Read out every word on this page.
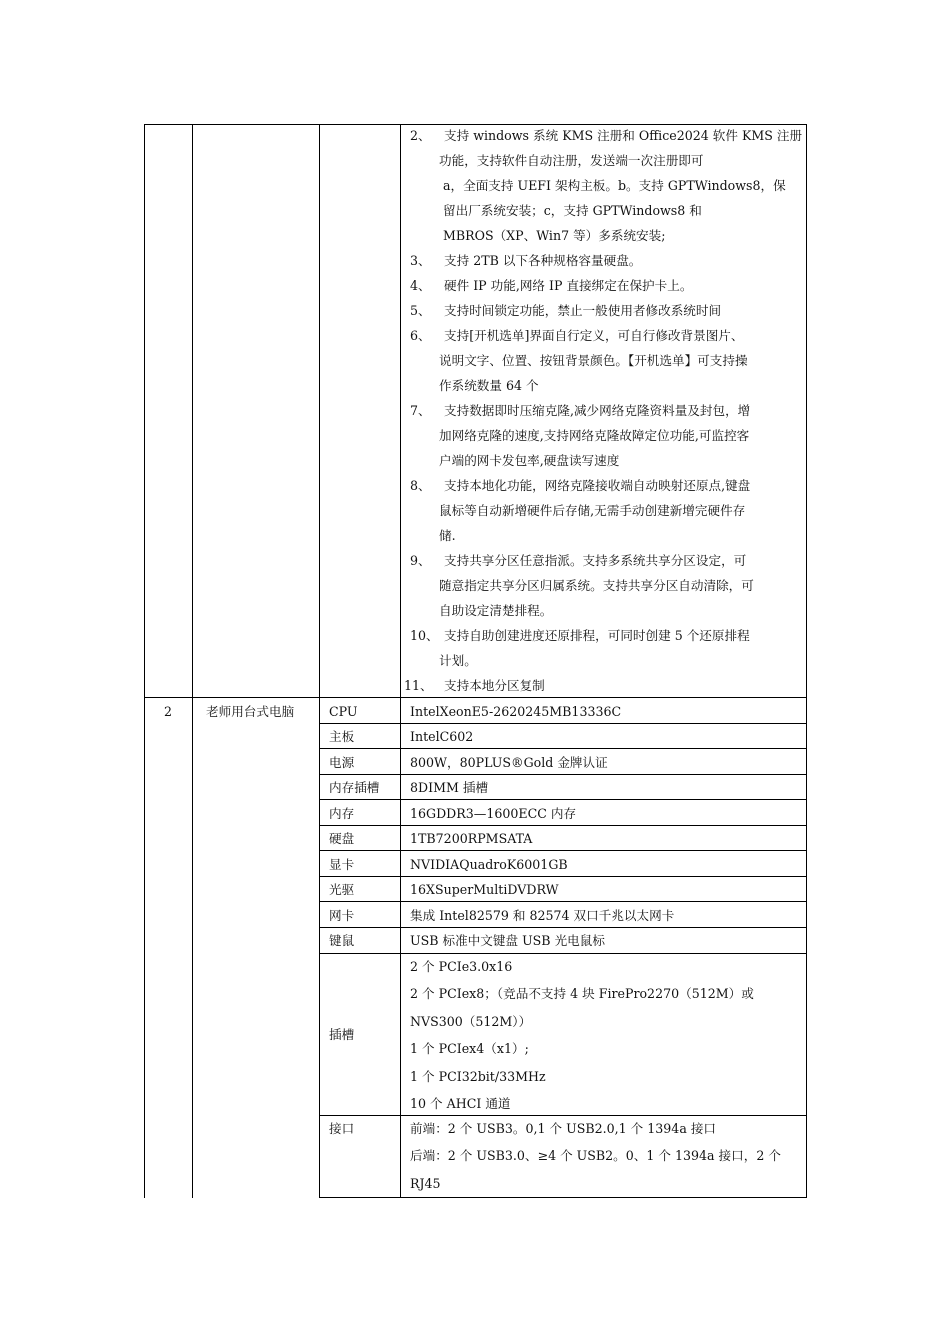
2、 支持 windows 系统 KMS 注册和 Office2024 软件 KMS 注册
功能，支持软件自动注册，发送端一次注册即可
a，全面支持 UEFI 架构主板。b。支持 GPTWindows8，保
留出厂系统安装；c，支持 GPTWindows8 和
MBROS（XP、Win7 等）多系统安装;
3、 支持 2TB 以下各种规格容量硬盘。
4、 硬件 IP 功能,网络 IP 直接绑定在保护卡上。
5、 支持时间锁定功能，禁止一般使用者修改系统时间
6、 支持[开机选单]界面自行定义，可自行修改背景图片、
说明文字、位置、按钮背景颜色。【开机选单】可支持操
作系统数量 64 个
7、 支持数据即时压缩克隆,减少网络克隆资料量及封包，增
加网络克隆的速度,支持网络克隆故障定位功能,可监控客
户端的网卡发包率,硬盘读写速度
8、 支持本地化功能，网络克隆接收端自动映射还原点,键盘
鼠标等自动新增硬件后存储,无需手动创建新增完硬件存
储.
9、 支持共享分区任意指派。支持多系统共享分区设定，可
随意指定共享分区归属系统。支持共享分区自动清除，可
自助设定清楚排程。
10、 支持自助创建进度还原排程，可同时创建 5 个还原排程
计划。
11、 支持本地分区复制
2	老师用台式电脑	CPU	IntelXeonE5-2620245MB13336C
主板	IntelC602
电源	800W，80PLUS®Gold 金牌认证
内存插槽 8DIMM 插槽
内存	16GDDR3—1600ECC 内存
硬盘	1TB7200RPMSATA
显卡	NVIDIAQuadroK6001GB
光驱	16XSuperMultiDVDRW
网卡	集成 Intel82579 和 82574 双口千兆以太网卡
键鼠	USB 标准中文键盘 USB 光电鼠标
插槽
2 个 PCIe3.0x16
2 个 PCIex8；（竞品不支持 4 块 FirePro2270（512M）或
NVS300（512M））
1 个 PCIex4（x1）;
1 个 PCI32bit/33MHz
10 个 AHCI 通道
接口	前端：2 个 USB3。0,1 个 USB2.0,1 个 1394a 接口
后端：2 个 USB3.0、≥4 个 USB2。0、1 个 1394a 接口，2 个
RJ45
